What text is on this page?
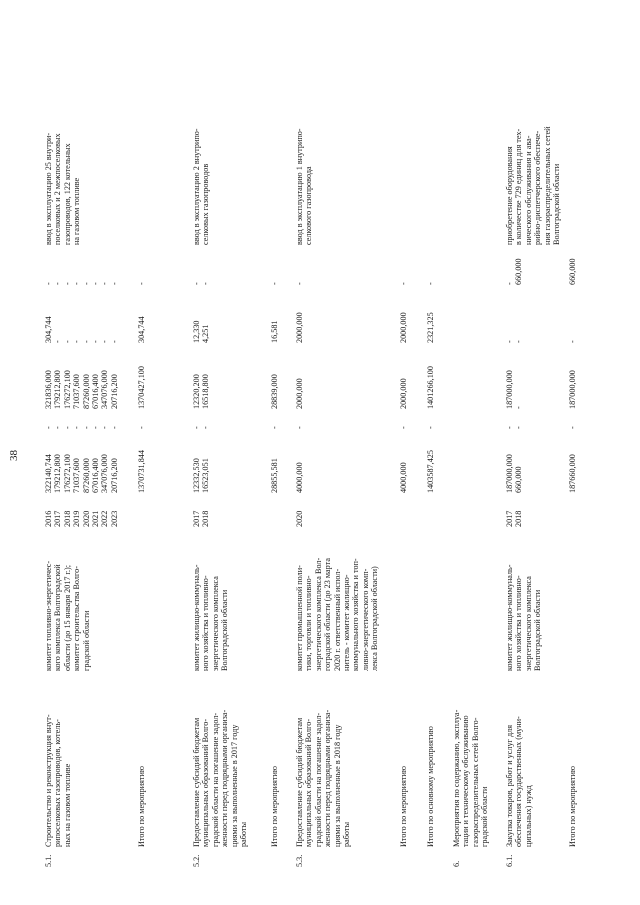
38
5.1.
Строительство и реконструкция внут-
рипоселковых газопроводов, котель-
ных на газовом топливе
комитет топливно-энергетичес-
кого комплекса Волгоградской
области (до 15 января 2017 г.);
комитет строительства Волго-
градской области
2016
2017
2018
2019
2020
2021
2022
2023
322140,744
179212,800
176272,100
71037,600
87260,000
67016,400
347076,000
20716,200
-
-
-
-
-
-
-
-
321836,000
179212,800
176272,100
71037,600
87260,000
67016,400
347076,000
20716,200
304,744
-
-
-
-
-
-
-
-
-
-
-
-
-
-
-
ввод в эксплуатацию 25 внутри-
поселковых и 2 межпоселковых
газопроводов, 122 котельных
на газовом топливе
Итого по мероприятию
1370731,844
-
1370427,100
304,744
-
5.2.
Предоставление субсидий бюджетам
муниципальных образований Волго-
градской области на погашение задол-
женности перед подрядными организа-
циями за выполненные в 2017 году
работы
комитет жилищно-коммуналь-
ного хозяйства и топливно-
энергетического комплекса
Волгоградской области
2017
2018
12332,530
16523,051
-
-
12320,200
16518,800
12,330
4,251
-
-
ввод в эксплуатацию 2 внутрипо-
селковых газопроводов
Итого по мероприятию
28855,581
-
28839,000
16,581
-
5.3.
Предоставление субсидий бюджетам
муниципальных образований Волго-
градской области на погашение задол-
женности перед подрядными организа-
циями за выполненные в 2018 году
работы
комитет промышленной поли-
тики, торговли и топливно-
энергетического комплекса Вол-
гоградской области (до 23 марта
2020 г. ответственный испол-
нитель - комитет жилищно-
коммунального хозяйства и топ-
ливно-энергетического комп-
лекса Волгоградской области)
2020
4000,000
-
2000,000
2000,000
-
ввод в эксплуатацию 1 внутрипо-
селкового газопровода
Итого по мероприятию
4000,000
-
2000,000
2000,000
-
Итого по основному мероприятию
1403587,425
-
1401266,100
2321,325
-
6.
Мероприятия по содержанию, эксплуа-
тации и техническому обслуживанию
газораспределительных сетей Волго-
градской области
6.1.
Закупка товаров, работ и услуг для
обеспечения государственных (муни-
ципальных) нужд
комитет жилищно-коммуналь-
ного хозяйства и топливно-
энергетического комплекса
Волгоградской области
2017
2018
187000,000
660,000
-
-
187000,000
-
-
-
-
660,000
приобретение оборудования
в количестве 729 единиц для тех-
нического обслуживания и ава-
рийно-диспетчерского обеспече-
ния газораспределительных сетей
Волгоградской области
Итого по мероприятию
187660,000
-
187000,000
-
660,000
